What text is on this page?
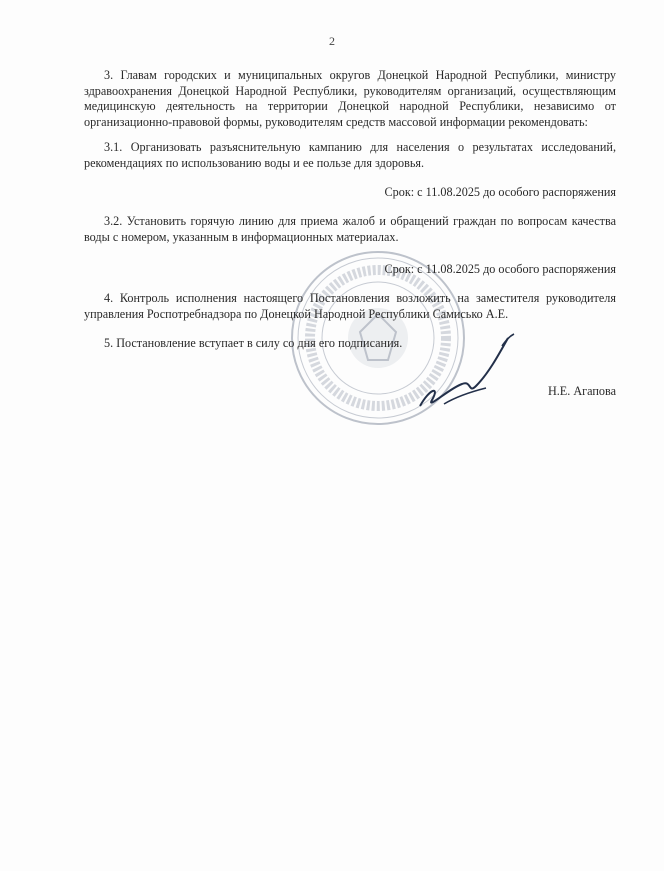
2
3. Главам городских и муниципальных округов Донецкой Народной Республики, министру здравоохранения Донецкой Народной Республики, руководителям организаций, осуществляющим медицинскую деятельность на территории Донецкой народной Республики, независимо от организационно-правовой формы, руководителям средств массовой информации рекомендовать:
3.1. Организовать разъяснительную кампанию для населения о результатах исследований, рекомендациях по использованию воды и ее пользе для здоровья.
Срок: с 11.08.2025 до особого распоряжения
3.2. Установить горячую линию для приема жалоб и обращений граждан по вопросам качества воды с номером, указанным в информационных материалах.
Срок: с 11.08.2025 до особого распоряжения
4. Контроль исполнения настоящего Постановления возложить на заместителя руководителя управления Роспотребнадзора по Донецкой Народной Республики Самисько А.Е.
5. Постановление вступает в силу со дня его подписания.
Н.Е. Агапова
